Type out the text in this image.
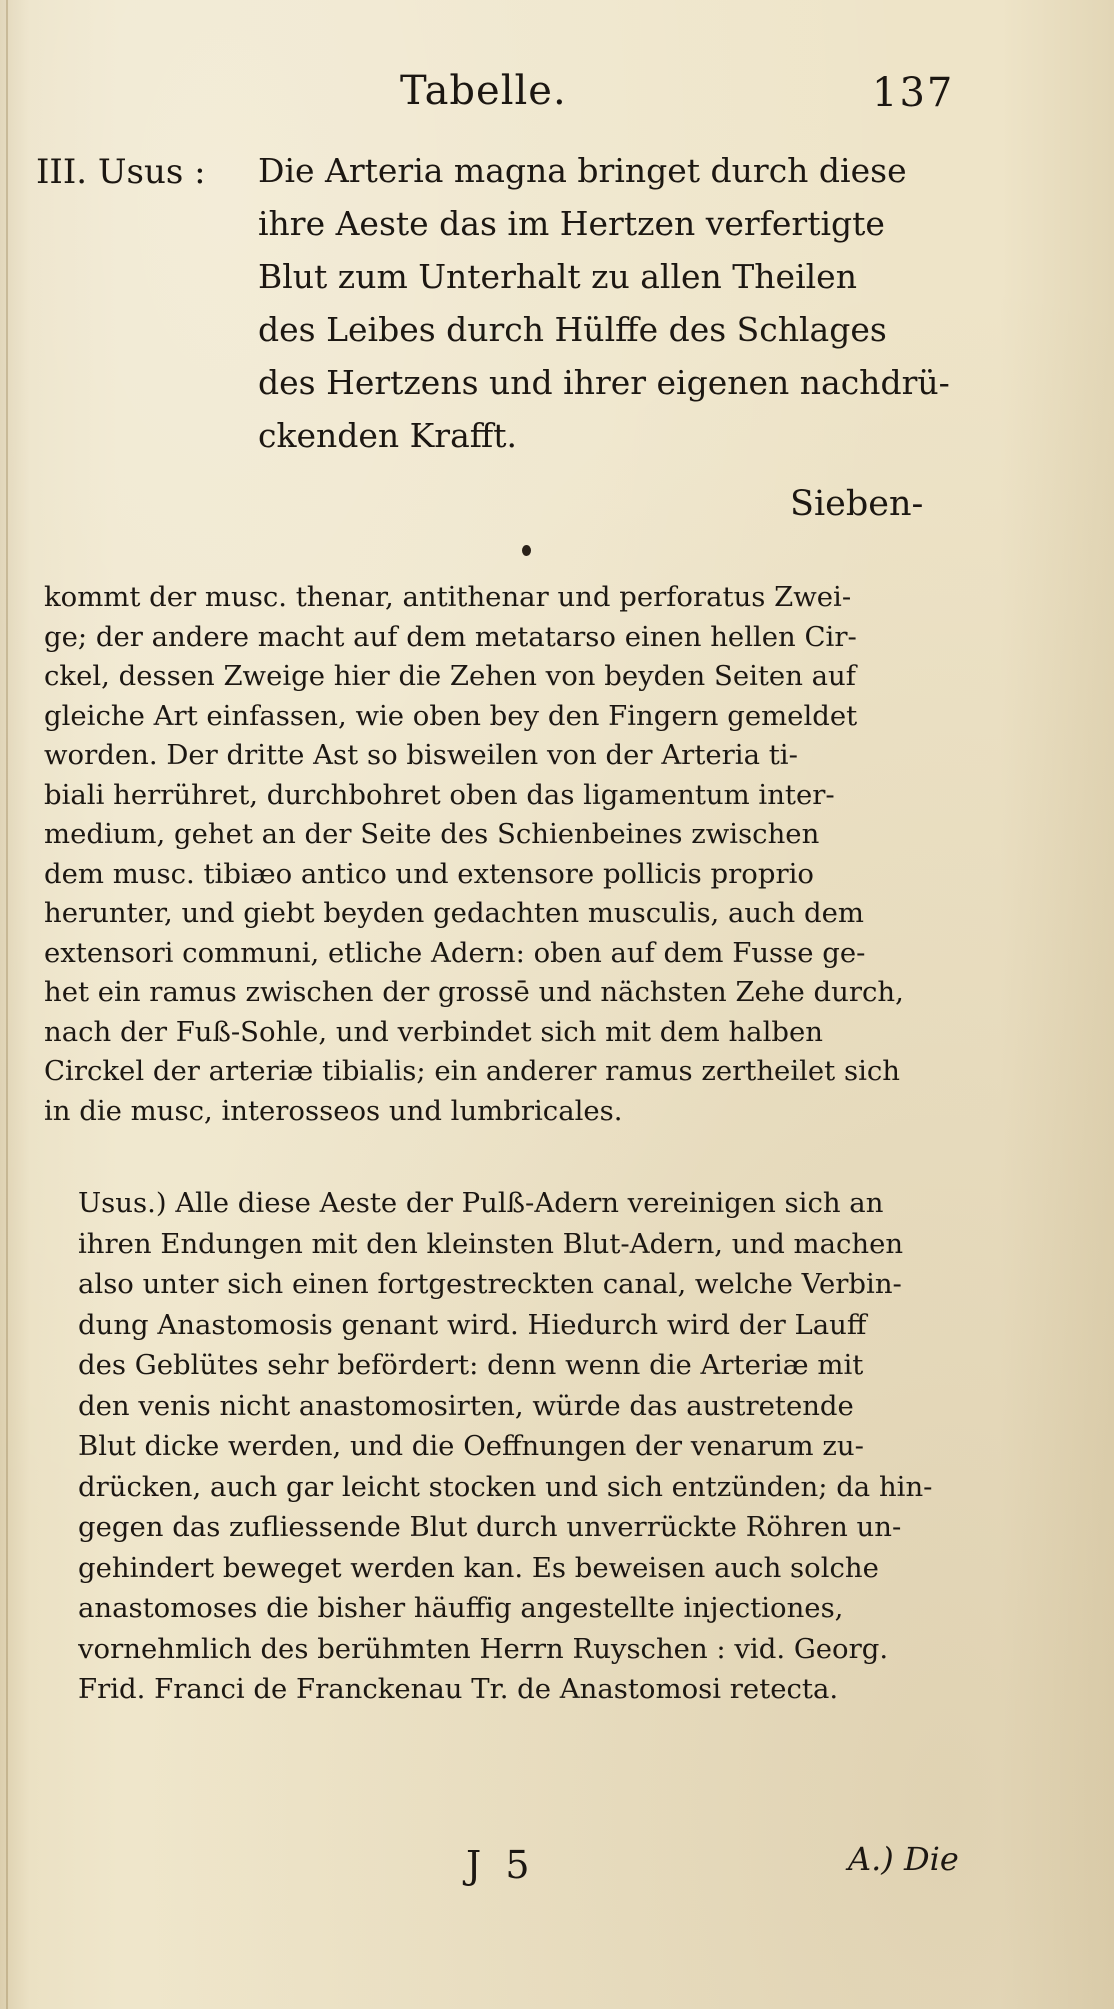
Tabelle.	137
III. Usus : Die Arteria magna bringet durch diese
ihre Aeste das im Hertzen verfertigte
Blut zum Unterhalt zu allen Theilen
des Leibes durch Hülffe des Schlages
des Hertzens und ihrer eigenen nachdrü-
ckenden Krafft.
Sieben-
kommt der musc. thenar, antithenar und perforatus Zwei-
ge; der andere macht auf dem metatarso einen hellen Cir-
ckel, dessen Zweige hier die Zehen von beyden Seiten auf
gleiche Art einfassen, wie oben bey den Fingern gemeldet
worden. Der dritte Ast so bisweilen von der Arteria ti-
biali herrühret, durchbohret oben das ligamentum inter-
medium, gehet an der Seite des Schienbeines zwischen
dem musc. tibiæo antico und extensore pollicis proprio
herunter, und giebt beyden gedachten musculis, auch dem
extensori communi, etliche Adern: oben auf dem Fusse ge-
het ein ramus zwischen der grossē und nächsten Zehe durch,
nach der Fuß-Sohle, und verbindet sich mit dem halben
Circkel der arteriæ tibialis; ein anderer ramus zertheilet sich
in die musc, interosseos und lumbricales.
Usus.) Alle diese Aeste der Pulß-Adern vereinigen sich an
ihren Endungen mit den kleinsten Blut-Adern, und machen
also unter sich einen fortgestreckten canal, welche Verbin-
dung Anastomosis genant wird. Hiedurch wird der Lauff
des Geblütes sehr befördert: denn wenn die Arteriæ mit
den venis nicht anastomosirten, würde das austretende
Blut dicke werden, und die Oeffnungen der venarum zu-
drücken, auch gar leicht stocken und sich entzünden; da hin-
gegen das zufliessende Blut durch unverrückte Röhren un-
gehindert beweget werden kan. Es beweisen auch solche
anastomoses die bisher häuffig angestellte injectiones,
vornehmlich des berühmten Herrn Ruyschen : vid. Georg.
Frid. Franci de Franckenau Tr. de Anastomosi retecta.
J 5	A.) Die
